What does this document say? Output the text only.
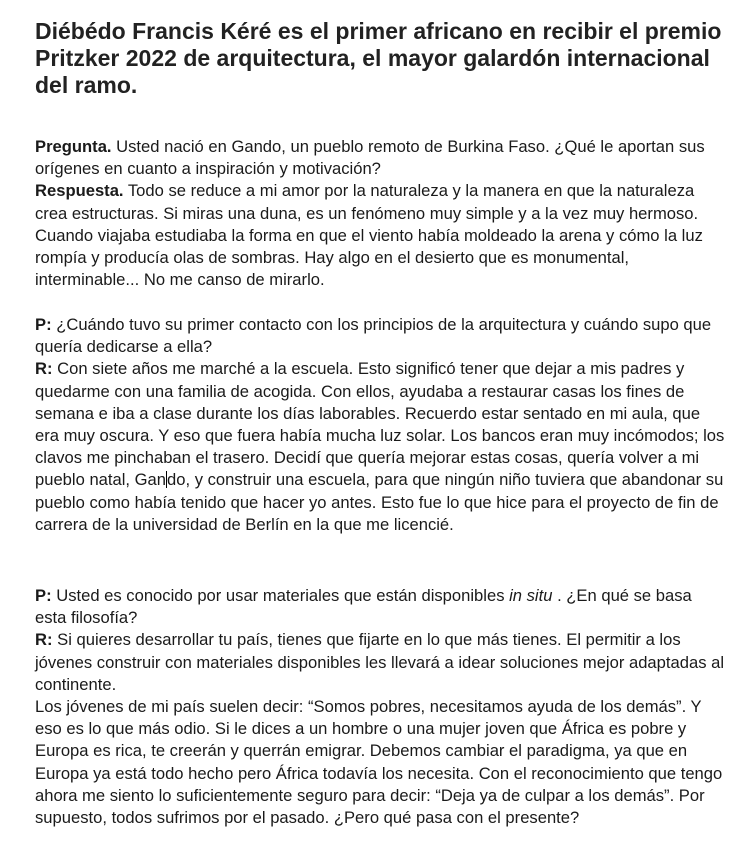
Diébédo Francis Kéré es el primer africano en recibir el premio Pritzker 2022 de arquitectura, el mayor galardón internacional del ramo.

Pregunta. Usted nació en Gando, un pueblo remoto de Burkina Faso. ¿Qué le aportan sus orígenes en cuanto a inspiración y motivación?

Respuesta. Todo se reduce a mi amor por la naturaleza y la manera en que la naturaleza crea estructuras. Si miras una duna, es un fenómeno muy simple y a la vez muy hermoso. Cuando viajaba estudiaba la forma en que el viento había moldeado la arena y cómo la luz rompía y producía olas de sombras. Hay algo en el desierto que es monumental, interminable... No me canso de mirarlo.

P: ¿Cuándo tuvo su primer contacto con los principios de la arquitectura y cuándo supo que quería dedicarse a ella?

R: Con siete años me marché a la escuela. Esto significó tener que dejar a mis padres y quedarme con una familia de acogida. Con ellos, ayudaba a restaurar casas los fines de semana e iba a clase durante los días laborables. Recuerdo estar sentado en mi aula, que era muy oscura. Y eso que fuera había mucha luz solar. Los bancos eran muy incómodos; los clavos me pinchaban el trasero. Decidí que quería mejorar estas cosas, quería volver a mi pueblo natal, Gando, y construir una escuela, para que ningún niño tuviera que abandonar su pueblo como había tenido que hacer yo antes. Esto fue lo que hice para el proyecto de fin de carrera de la universidad de Berlín en la que me licencié.

P: Usted es conocido por usar materiales que están disponibles in situ . ¿En qué se basa esta filosofía?

R: Si quieres desarrollar tu país, tienes que fijarte en lo que más tienes. El permitir a los jóvenes construir con materiales disponibles les llevará a idear soluciones mejor adaptadas al continente.

Los jóvenes de mi país suelen decir: “Somos pobres, necesitamos ayuda de los demás”. Y eso es lo que más odio. Si le dices a un hombre o una mujer joven que África es pobre y Europa es rica, te creerán y querrán emigrar. Debemos cambiar el paradigma, ya que en Europa ya está todo hecho pero África todavía los necesita. Con el reconocimiento que tengo ahora me siento lo suficientemente seguro para decir: “Deja ya de culpar a los demás”. Por supuesto, todos sufrimos por el pasado. ¿Pero qué pasa con el presente?
